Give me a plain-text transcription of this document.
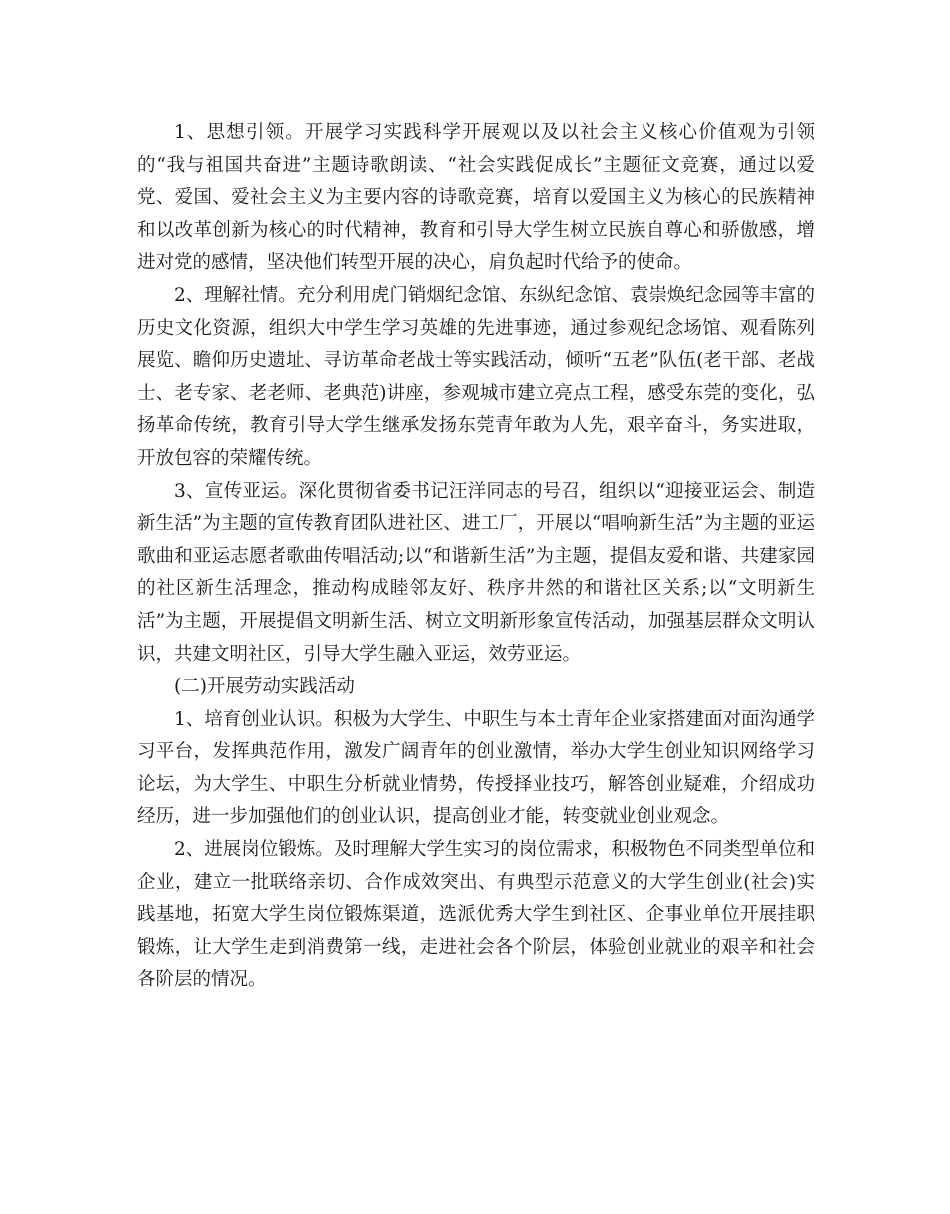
1、思想引领。开展学习实践科学开展观以及以社会主义核心价值观为引领的“我与祖国共奋进”主题诗歌朗读、“社会实践促成长”主题征文竞赛，通过以爱党、爱国、爱社会主义为主要内容的诗歌竞赛，培育以爱国主义为核心的民族精神和以改革创新为核心的时代精神，教育和引导大学生树立民族自尊心和骄傲感，增进对党的感情，坚决他们转型开展的决心，肩负起时代给予的使命。

2、理解社情。充分利用虎门销烟纪念馆、东纵纪念馆、袁崇焕纪念园等丰富的历史文化资源，组织大中学生学习英雄的先进事迹，通过参观纪念场馆、观看陈列展览、瞻仰历史遗址、寻访革命老战士等实践活动，倾听“五老”队伍(老干部、老战士、老专家、老老师、老典范)讲座，参观城市建立亮点工程，感受东莞的变化，弘扬革命传统，教育引导大学生继承发扬东莞青年敢为人先，艰辛奋斗，务实进取，开放包容的荣耀传统。

3、宣传亚运。深化贯彻省委书记汪洋同志的号召，组织以“迎接亚运会、制造新生活”为主题的宣传教育团队进社区、进工厂，开展以“唱响新生活”为主题的亚运歌曲和亚运志愿者歌曲传唱活动;以“和谐新生活”为主题，提倡友爱和谐、共建家园的社区新生活理念，推动构成睦邻友好、秩序井然的和谐社区关系;以“文明新生活”为主题，开展提倡文明新生活、树立文明新形象宣传活动，加强基层群众文明认识，共建文明社区，引导大学生融入亚运，效劳亚运。

(二)开展劳动实践活动

1、培育创业认识。积极为大学生、中职生与本土青年企业家搭建面对面沟通学习平台，发挥典范作用，激发广阔青年的创业激情，举办大学生创业知识网络学习论坛，为大学生、中职生分析就业情势，传授择业技巧，解答创业疑难，介绍成功经历，进一步加强他们的创业认识，提高创业才能，转变就业创业观念。

2、进展岗位锻炼。及时理解大学生实习的岗位需求，积极物色不同类型单位和企业，建立一批联络亲切、合作成效突出、有典型示范意义的大学生创业(社会)实践基地，拓宽大学生岗位锻炼渠道，选派优秀大学生到社区、企事业单位开展挂职锻炼，让大学生走到消费第一线，走进社会各个阶层，体验创业就业的艰辛和社会各阶层的情况。
